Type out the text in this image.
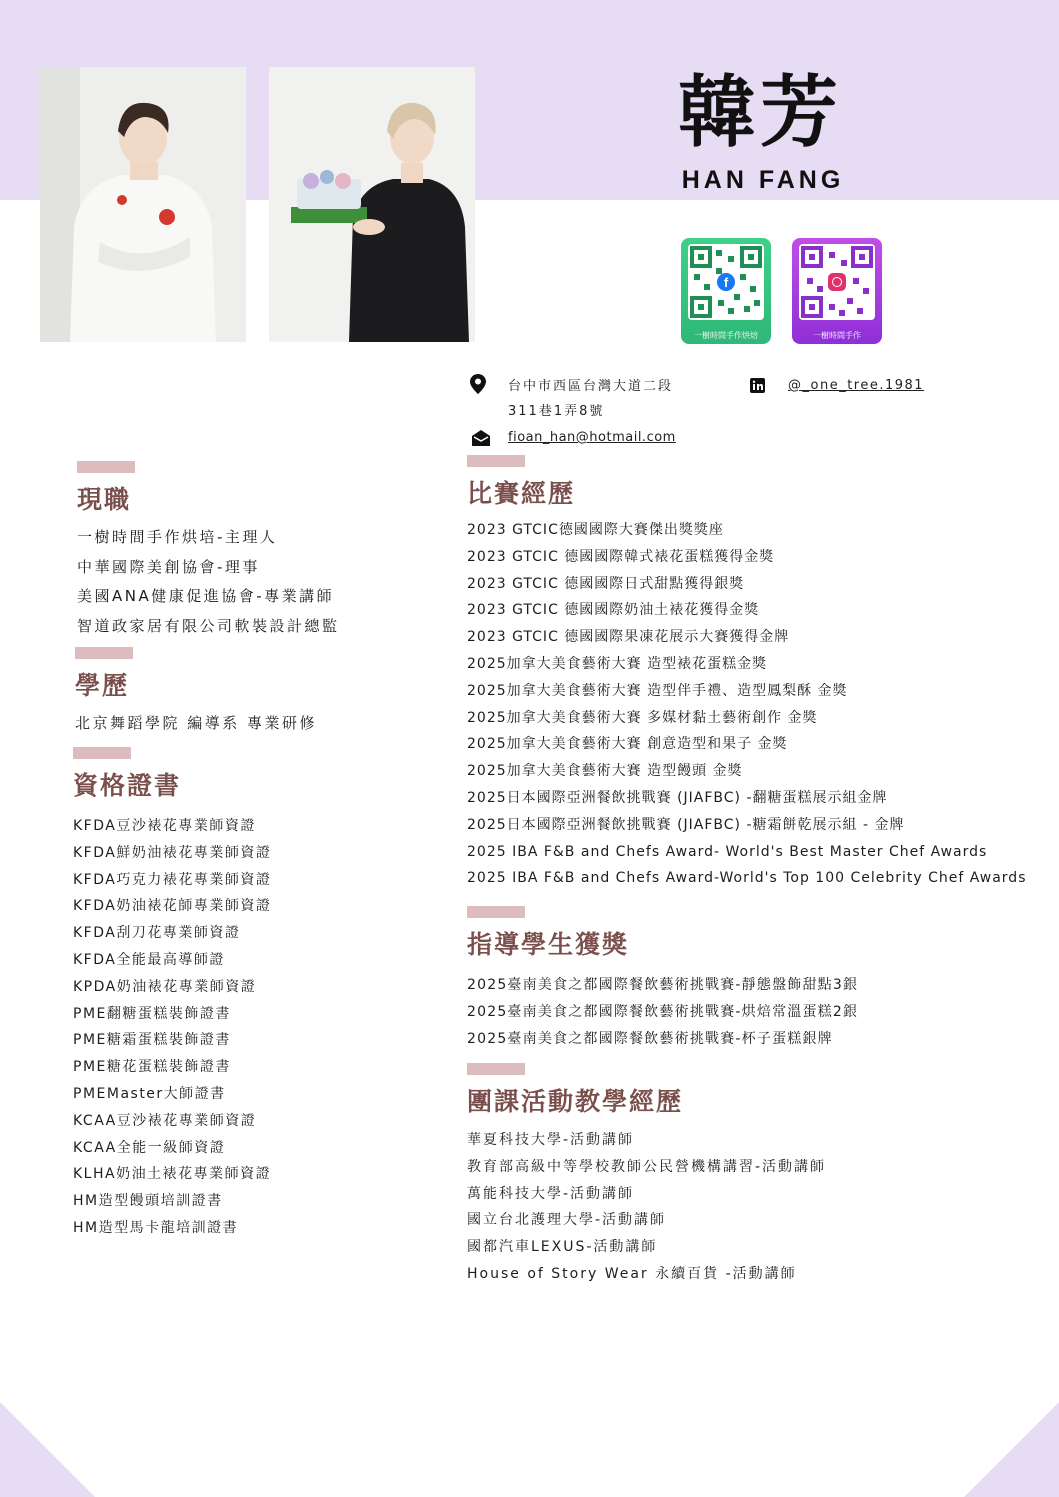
韓芳
HAN FANG
f
一樹時間手作烘焙	一樹時間手作
台中市西區台灣大道二段
311巷1弄8號
fioan_han@hotmail.com
@_one_tree.1981
現職
一樹時間手作烘培-主理人
中華國際美創協會-理事
美國ANA健康促進協會-專業講師
智道政家居有限公司軟裝設計總監
學歷
北京舞蹈學院 編導系 專業研修
資格證書
KFDA豆沙裱花專業師資證
KFDA鮮奶油裱花專業師資證
KFDA巧克力裱花專業師資證
KFDA奶油裱花師專業師資證
KFDA刮刀花專業師資證
KFDA全能最高導師證
KPDA奶油裱花專業師資證
PME翻糖蛋糕裝飾證書
PME糖霜蛋糕裝飾證書
PME糖花蛋糕裝飾證書
PMEMaster大師證書
KCAA豆沙裱花專業師資證
KCAA全能一級師資證
KLHA奶油土裱花專業師資證
HM造型饅頭培訓證書
HM造型馬卡龍培訓證書
比賽經歷
2023 GTCIC德國國際大賽傑出獎獎座
2023 GTCIC 德國國際韓式裱花蛋糕獲得金獎
2023 GTCIC 德國國際日式甜點獲得銀獎
2023 GTCIC 德國國際奶油土裱花獲得金獎
2023 GTCIC 德國國際果凍花展示大賽獲得金牌
2025加拿大美食藝術大賽 造型裱花蛋糕金獎
2025加拿大美食藝術大賽 造型伴手禮、造型鳳梨酥 金獎
2025加拿大美食藝術大賽 多媒材黏土藝術創作 金獎
2025加拿大美食藝術大賽 創意造型和果子 金獎
2025加拿大美食藝術大賽 造型饅頭 金獎
2025日本國際亞洲餐飲挑戰賽 (JIAFBC) -翻糖蛋糕展示組金牌
2025日本國際亞洲餐飲挑戰賽 (JIAFBC) -糖霜餅乾展示組 - 金牌
2025 IBA F&B and Chefs Award- World's Best Master Chef Awards
2025 IBA F&B and Chefs Award-World's Top 100 Celebrity Chef Awards
指導學生獲獎
2025臺南美食之都國際餐飲藝術挑戰賽-靜態盤飾甜點3銀
2025臺南美食之都國際餐飲藝術挑戰賽-烘焙常溫蛋糕2銀
2025臺南美食之都國際餐飲藝術挑戰賽-杯子蛋糕銀牌
團課活動教學經歷
華夏科技大學-活動講師
教育部高級中等學校教師公民營機構講習-活動講師
萬能科技大學-活動講師
國立台北護理大學-活動講師
國都汽車LEXUS-活動講師
House of Story Wear 永續百貨 -活動講師
